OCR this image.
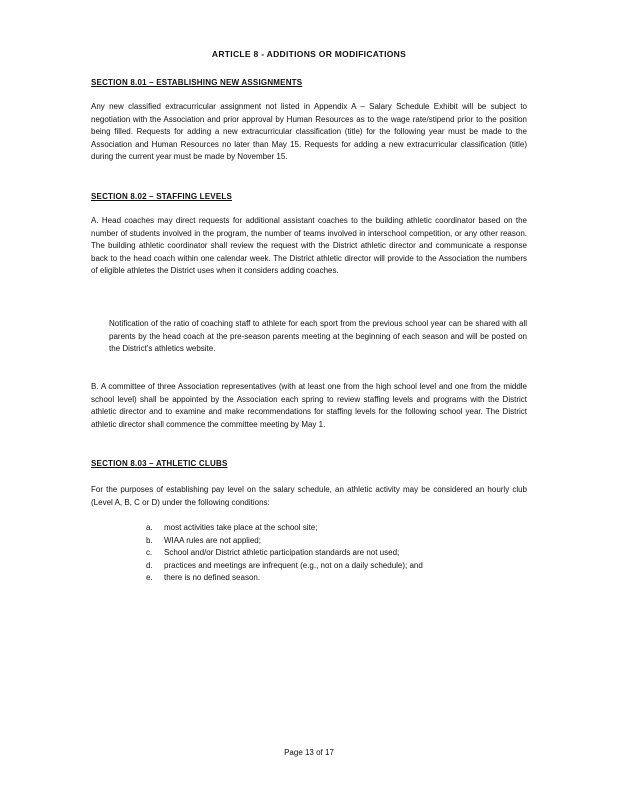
ARTICLE 8 - ADDITIONS OR MODIFICATIONS
SECTION 8.01 – ESTABLISHING NEW ASSIGNMENTS
Any new classified extracurricular assignment not listed in Appendix A – Salary Schedule Exhibit will be subject to negotiation with the Association and prior approval by Human Resources as to the wage rate/stipend prior to the position being filled. Requests for adding a new extracurricular classification (title) for the following year must be made to the Association and Human Resources no later than May 15. Requests for adding a new extracurricular classification (title) during the current year must be made by November 15.
SECTION 8.02 – STAFFING LEVELS
A. Head coaches may direct requests for additional assistant coaches to the building athletic coordinator based on the number of students involved in the program, the number of teams involved in interschool competition, or any other reason. The building athletic coordinator shall review the request with the District athletic director and communicate a response back to the head coach within one calendar week. The District athletic director will provide to the Association the numbers of eligible athletes the District uses when it considers adding coaches.
Notification of the ratio of coaching staff to athlete for each sport from the previous school year can be shared with all parents by the head coach at the pre-season parents meeting at the beginning of each season and will be posted on the District's athletics website.
B. A committee of three Association representatives (with at least one from the high school level and one from the middle school level) shall be appointed by the Association each spring to review staffing levels and programs with the District athletic director and to examine and make recommendations for staffing levels for the following school year. The District athletic director shall commence the committee meeting by May 1.
SECTION 8.03 – ATHLETIC CLUBS
For the purposes of establishing pay level on the salary schedule, an athletic activity may be considered an hourly club (Level A, B, C or D) under the following conditions:
a.	most activities take place at the school site;
b.	WIAA rules are not applied;
c.	School and/or District athletic participation standards are not used;
d.	practices and meetings are infrequent (e.g., not on a daily schedule); and
e.	there is no defined season.
Page 13 of 17
